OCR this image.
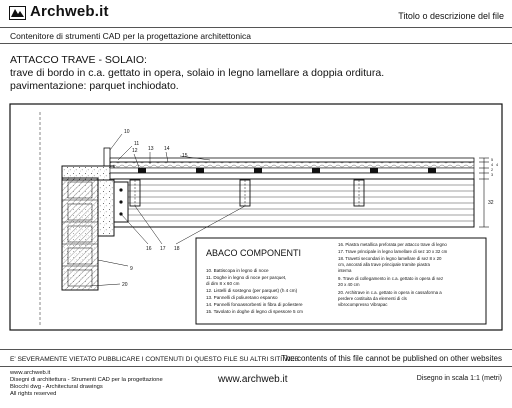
Archweb.it	Titolo o descrizione del file
Contenitore di strumenti CAD per la progettazione architettonica
ATTACCO TRAVE - SOLAIO:
trave di bordo in c.a. gettato in opera, solaio in legno lamellare a doppia orditura.
pavimentazione: parquet inchiodato.
32
5
4
2
3
4
10
11
12 13 14
15
16 17 18
9
20
ABACO COMPONENTI
10. Battiscopa in legno di noce
11. Doghe in legno di noce per parquet,
di dim 8 x 60 cm
12. Listelli di sostegno (per parquet) (h 4 cm)
13. Pannelli di poliuretano espanso
14. Pannelli fonoassorbenti in fibra di poliestere
15. Tavolato in doghe di legno di spessore 5 cm
16. Piastra metallica preforata per attacco trave di legno
17. Trave principale in legno lamellare di sez 10 x 32 cm
18. Travetti secondari in legno lamellare di sez 8 x 20
cm, ancorati alla trave principale tramite piastra
interna
9. Trave di collegamento in c.a. gettato in opera di sez
20 x 40 cm
20. Architrave in c.a. gettato in opera in cassaforma a
perdere costituita da elementi di cls
vibrocompresso Vibrapac
E' SEVERAMENTE VIETATO PUBBLICARE I CONTENUTI DI QUESTO FILE SU ALTRI SITI WEB
The contents of this file cannot be published on other websites
www.archweb.it
Disegni di architettura - Strumenti CAD per la progettazione
Blocchi dwg - Architectural drawings
All rights reserved
www.archweb.it	Disegno in scala 1:1 (metri)
